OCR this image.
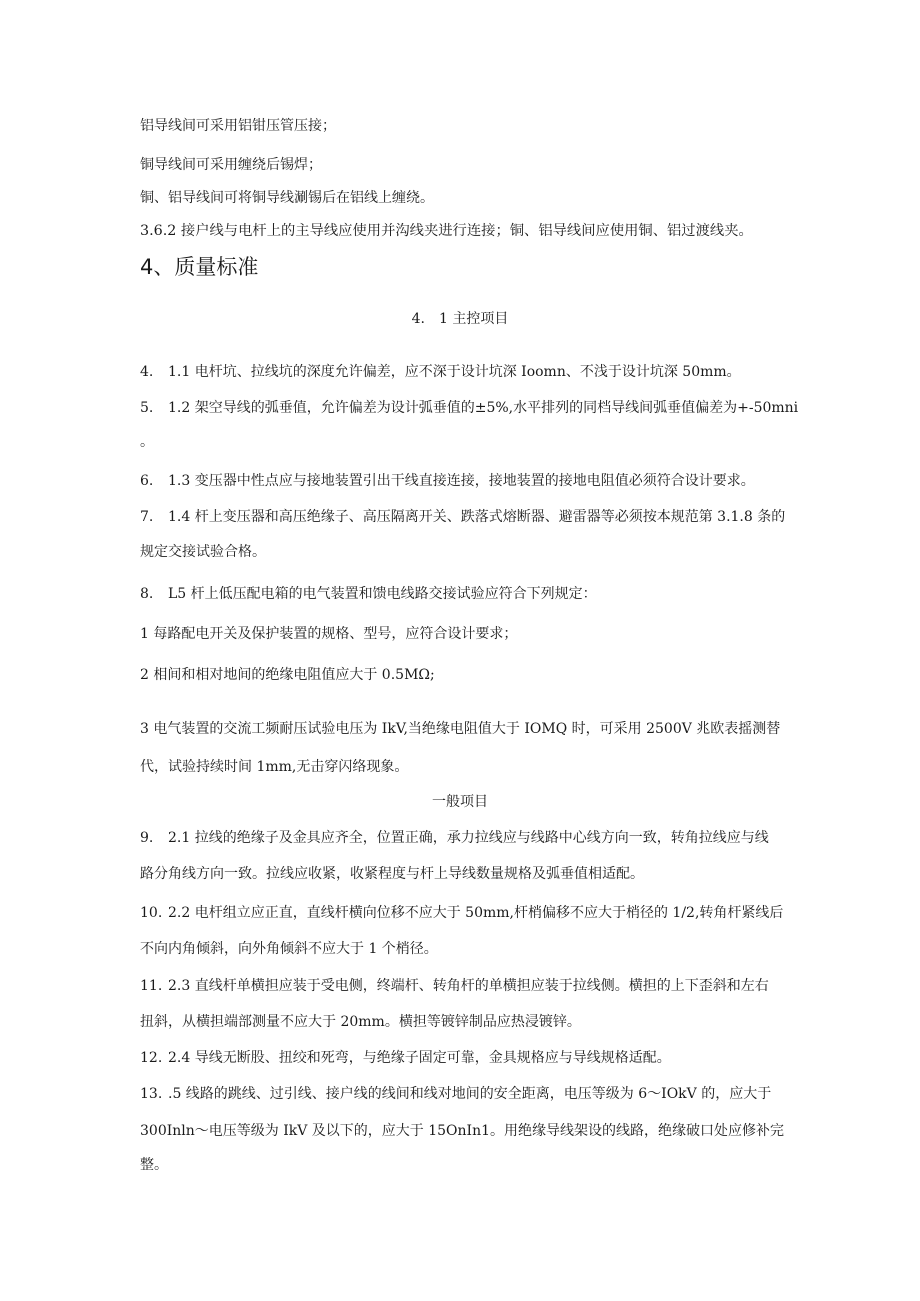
铝导线间可采用铝钳压管压接；

铜导线间可采用缠绕后锡焊；

铜、铝导线间可将铜导线涮锡后在铝线上缠绕。

3.6.2 接户线与电杆上的主导线应使用并沟线夹进行连接；铜、铝导线间应使用铜、铝过渡线夹。

4、质量标准

4.　1 主控项目

4. 1.1 电杆坑、拉线坑的深度允许偏差，应不深于设计坑深 Ioomn、不浅于设计坑深 50mm。

5. 1.2 架空导线的弧垂值，允许偏差为设计弧垂值的±5%,水平排列的同档导线间弧垂值偏差为+-50mni

。

6. 1.3 变压器中性点应与接地装置引出干线直接连接，接地装置的接地电阻值必须符合设计要求。

7. 1.4 杆上变压器和高压绝缘子、高压隔离开关、跌落式熔断器、避雷器等必须按本规范第 3.1.8 条的

规定交接试验合格。

8. L5 杆上低压配电箱的电气装置和馈电线路交接试验应符合下列规定：

1 每路配电开关及保护装置的规格、型号，应符合设计要求；

2 相间和相对地间的绝缘电阻值应大于 0.5MΩ;

3 电气装置的交流工频耐压试验电压为 IkV,当绝缘电阻值大于 IOMQ 时，可采用 2500V 兆欧表摇测替

代，试验持续时间 1mm,无击穿闪络现象。

一般项目

9. 2.1 拉线的绝缘子及金具应齐全，位置正确，承力拉线应与线路中心线方向一致，转角拉线应与线

路分角线方向一致。拉线应收紧，收紧程度与杆上导线数量规格及弧垂值相适配。

10. 2.2 电杆组立应正直，直线杆横向位移不应大于 50mm,杆梢偏移不应大于梢径的 1/2,转角杆紧线后

不向内角倾斜，向外角倾斜不应大于 1 个梢径。

11. 2.3 直线杆单横担应装于受电侧，终端杆、转角杆的单横担应装于拉线侧。横担的上下歪斜和左右

扭斜，从横担端部测量不应大于 20mm。横担等镀锌制品应热浸镀锌。

12. 2.4 导线无断股、扭绞和死弯，与绝缘子固定可靠，金具规格应与导线规格适配。

13. .5 线路的跳线、过引线、接户线的线间和线对地间的安全距离，电压等级为 6～IOkV 的，应大于

300Inln～电压等级为 IkV 及以下的，应大于 15OnIn1。用绝缘导线架设的线路，绝缘破口处应修补完

整。
